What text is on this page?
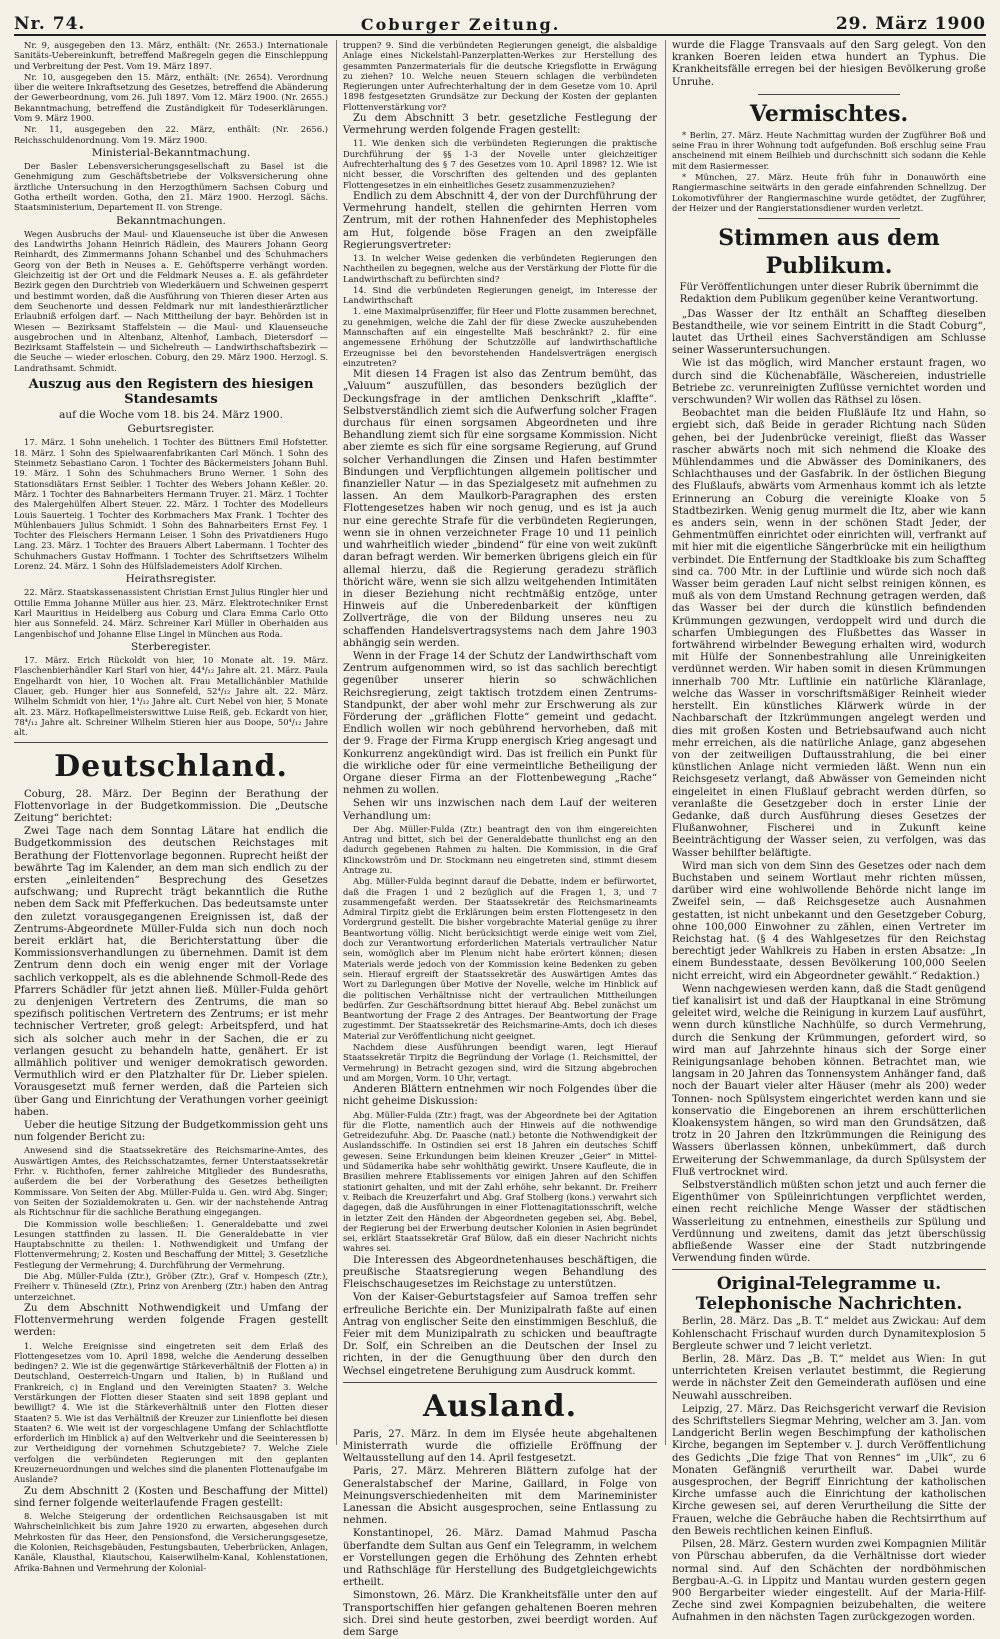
Nr. 74.	Coburger Zeitung.	29. März 1900

Nr. 9, ausgegeben den 13. März, enthält: (Nr. 2653.) Internationale Sanitäts-Uebereinkunft, betreffend Maßregeln gegen die Einschleppung und Verbreitung der Pest. Vom 19. März 1897.

Nr. 10, ausgegeben den 15. März, enthält: (Nr. 2654). Verordnung über die weitere Inkraftsetzung des Gesetzes, betreffend die Abänderung der Gewerbeordnung, vom 26. Juli 1897. Vom 12. März 1900. (Nr. 2655.) Bekanntmachung, betreffend die Zuständigkeit für Todeserklärungen. Vom 9. März 1900.

Nr. 11, ausgegeben den 22. März, enthält: (Nr. 2656.) Reichsschuldenordnung. Vom 19. März 1900.

Ministerial-Bekanntmachung.

Der Basler Lebensversicherungsgesellschaft zu Basel ist die Genehmigung zum Geschäftsbetriebe der Volksversicherung ohne ärztliche Untersuchung in den Herzogthümern Sachsen Coburg und Gotha ertheilt worden. Gotha, den 21. März 1900. Herzogl. Sächs. Staatsministerium, Departement II. von Strenge.

Bekanntmachungen.

Wegen Ausbruchs der Maul- und Klauenseuche ist über die Anwesen des Landwirths Johann Heinrich Rädlein, des Maurers Johann Georg Reinhardt, des Zimmermanns Johann Schanbel und des Schuhmachers Georg von der Beth in Neuses a. E. Gehöftsperre verhängt worden. Gleichzeitig ist der Ort und die Feldmark Neuses a. E. als gefährdeter Bezirk gegen den Durchtrieb von Wiederkäuern und Schweinen gesperrt und bestimmt worden, daß die Ausführung von Thieren dieser Arten aus dem Seuchenorte und dessen Feldmark nur mit landesthierärztlicher Erlaubniß erfolgen darf. — Nach Mittheilung der bayr. Behörden ist in Wiesen — Bezirksamt Staffelstein — die Maul- und Klauenseuche ausgebrochen und in Altenbanz, Altenhof, Lambach, Dietersdorf — Bezirksamt Staffelstein — und Sichelreuth — Landwirthschaftsbezirk — die Seuche — wieder erloschen. Coburg, den 29. März 1900. Herzogl. S. Landrathsamt. Schmidt.

Auszug aus den Registern des hiesigen Standesamts
auf die Woche vom 18. bis 24. März 1900.
Geburtsregister.

17. März. 1 Sohn unehelich. 1 Tochter des Büttners Emil Hofstetter. 18. März. 1 Sohn des Spielwaarenfabrikanten Carl Mönch. 1 Sohn des Steinmetz Sebastiano Caron. 1 Tochter des Bäckermeisters Johann Buhl. 19. März. 1 Sohn des Schuhmachers Bruno Werner. 1 Sohn des Stationsdiätars Ernst Seibler. 1 Tochter des Webers Johann Keßler. 20. März. 1 Tochter des Bahnarbeiters Hermann Truyer. 21. März. 1 Tochter des Malergehülfen Albert Steuer. 22. März. 1 Tochter des Modelleurs Louis Sauerteig. 1 Tochter des Korbmachers Max Frank. 1 Tochter des Mühlenbauers Julius Schmidt. 1 Sohn des Bahnarbeiters Ernst Fey. 1 Tochter des Fleischers Hermann Leiser. 1 Sohn des Privatdieners Hugo Lang. 23. März. 1 Tochter des Brauers Albert Labermann. 1 Tochter des Schuhmachers Gustav Hoffmann. 1 Tochter des Schriftsetzers Wilhelm Lorenz. 24. März. 1 Sohn des Hülfslademeisters Adolf Kirchen.

Heirathsregister.

22. März. Staatskassenassistent Christian Ernst Julius Ringler hier und Ottilie Emma Johanne Müller aus hier. 23. März. Elektrotechniker Ernst Karl Mauritius in Heidelberg aus Coburg und Clara Emma Carlo Otto hier aus Sonnefeld. 24. März. Schreiner Karl Müller in Oberhaiden aus Langenbischof und Johanne Elise Lingel in München aus Roda.

Sterberegister.

17. März. Erich Rückoldt von hier, 10 Monate alt. 19. März. Flaschenbierhändler Karl Starl von hier, 44⁴/₁₂ Jahre alt. 21. März. Paula Engelhardt von hier, 10 Wochen alt. Frau Metallichänbler Mathilde Clauer, geb. Hunger hier aus Sonnefeld, 52⁴/₁₂ Jahre alt. 22. März. Wilhelm Schmidt von hier, 1⁴/₁₂ Jahre alt. Curt Nebel von hier, 5 Monate alt. 23. März. Hofkapellmeisterswittwe Luise Reiß, geb. Eckardt von hier, 78⁴/₁₂ Jahre alt. Schreiner Wilhelm Stieren hier aus Doope, 50⁴/₁₂ Jahre alt.

Deutschland.

Coburg, 28. März. Der Beginn der Berathung der Flottenvorlage in der Budgetkommission. Die „Deutsche Zeitung“ berichtet:

Zwei Tage nach dem Sonntag Lätare hat endlich die Budgetkommission des deutschen Reichstages mit Berathung der Flottenvorlage begonnen. Ruprecht heißt der bewährte Tag im Kalender, an dem man sich endlich zu der ersten „einleitenden“ Besprechung des Gesetzes aufschwang; und Ruprecht trägt bekanntlich die Ruthe neben dem Sack mit Pfefferkuchen. Das bedeutsamste unter den zuletzt vorausgegangenen Ereignissen ist, daß der Zentrums-Abgeordnete Müller-Fulda sich nun doch noch bereit erklärt hat, die Berichterstattung über die Kommissionsverhandlungen zu übernehmen. Damit ist dem Zentrum denn doch ein wenig enger mit der Vorlage sachlich verkoppelt, als es die ablehnende Schmoll-Rede des Pfarrers Schädler für jetzt ahnen ließ. Müller-Fulda gehört zu denjenigen Vertretern des Zentrums, die man so spezifisch politischen Vertretern des Zentrums; er ist mehr technischer Vertreter, groß gelegt: Arbeitspferd, und hat sich als solcher auch mehr in der Sachen, die er zu verlangen gesucht zu behandeln hatte, genähert. Er ist allmählich politiver und weniger demokratisch geworden. Vermuthlich wird er den Platzhalter für Dr. Lieber spielen. Vorausgesetzt muß ferner werden, daß die Parteien sich über Gang und Einrichtung der Verathungen vorher geeinigt haben.

Ueber die heutige Sitzung der Budgetkommission geht uns nun folgender Bericht zu:

Anwesend sind die Staatssekretäre des Reichsmarine-Amtes, des Auswärtigen Amtes, des Reichsschatzamtes, ferner Unterstaatssekretär Frhr. v. Richthofen, ferner zahlreiche Mitglieder des Bundesraths, außerdem die bei der Vorberathung des Gesetzes betheiligten Kommissare. Von Seiten der Abg. Müller-Fulda u. Gen. wird Abg. Singer; von Seiten der Sozialdemokraten u. Gen. wir der nachstehende Antrag als Richtschnur für die sachliche Berathung eingegangen.

Die Kommission wolle beschließen: 1. Generaldebatte und zwei Lesungen stattfinden zu lassen. II. Die Generaldebatte in vier Hauptabschnitte zu theilen: 1. Nothwendigkeit und Umfang der Flottenvermehrung; 2. Kosten und Beschaffung der Mittel; 3. Gesetzliche Festlegung der Vermehrung; 4. Durchführung der Vermehrung.

Die Abg. Müller-Fulda (Ztr.), Gröber (Ztr.), Graf v. Hompesch (Ztr.), Freiherr v. Thüneseld (Ztr.), Prinz von Arenberg (Ztr.) haben den Antrag unterzeichnet.

Zu dem Abschnitt Nothwendigkeit und Umfang der Flottenvermehrung werden folgende Fragen gestellt werden:

1. Welche Ereignisse sind eingetreten seit dem Erlaß des Flottengesetzes vom 10. April 1898, welche die Aenderung desselben bedingen? 2. Wie ist die gegenwärtige Stärkeverhältniß der Flotten a) in Deutschland, Oesterreich-Ungarn und Italien, b) in Rußland und Frankreich, c) in England und den Vereinigten Staaten? 3. Welche Verstärkungen der Flotten dieser Staaten sind seit 1898 geplant und bewilligt? 4. Wie ist die Stärkeverhältniß unter den Flotten dieser Staaten? 5. Wie ist das Verhältniß der Kreuzer zur Linienflotte bei diesen Staaten? 6. Wie weit ist der vorgeschlagene Umfang der Schlachtflotte erforderlich im Hinblick a) auf den Weltverkehr und die Seeinteressen b) zur Vertheidigung der vornehmen Schutzgebiete? 7. Welche Ziele verfolgen die verbündeten Regierungen mit den geplanten Kreuzerneuordnungen und welches sind die planenten Flottenaufgabe im Auslande?

Zu dem Abschnitt 2 (Kosten und Beschaffung der Mittel) sind ferner folgende weiterlaufende Fragen gestellt:

8. Welche Steigerung der ordentlichen Reichsausgaben ist mit Wahrscheinlichkeit bis zum Jahre 1920 zu erwarten, abgesehen durch Mehrkosten für das Heer, den Pensionsfond, die Versicherungsgesetze, die Kolonien, Reichsgebäuden, Festungsbauten, Ueberbrücken, Anlagen, Kanäle, Klausthal, Kiautschou, Kaiserwilhelm-Kanal, Kohlenstationen, Afrika-Bahnen und Vermehrung der Kolonial-

truppen? 9. Sind die verbündeten Regierungen geneigt, die alsbaldige Anlage eines Nickelstahl-Panzerplatten-Werkes zur Herstellung des gesammten Panzermaterials für die deutsche Kriegsflotte in Erwägung zu ziehen? 10. Welche neuen Steuern schlagen die verbündeten Regierungen unter Aufrechterhaltung der in dem Gesetze vom 10. April 1898 festgesetzten Grundsätze zur Deckung der Kosten der geplanten Flottenverstärkung vor?

Zu dem Abschnitt 3 betr. gesetzliche Festlegung der Vermehrung werden folgende Fragen gestellt:

11. Wie denken sich die verbündeten Regierungen die praktische Durchführung der §§ 1-3 der Novelle unter gleichzeitiger Aufrechterhaltung des § 7 des Gesetzes vom 10. April 1898? 12. Wie ist nicht besser, die Vorschriften des geltenden und des geplanten Flottengesetzes in ein einheitliches Gesetz zusammenzuziehen?

Endlich zu dem Abschnitt 4, der von der Durchführung der Vermehrung handelt, stellen die gehirnten Herren vom Zentrum, mit der rothen Hahnenfeder des Mephistopheles am Hut, folgende böse Fragen an den zweipfälle Regierungsvertreter:

13. In welcher Weise gedenken die verbündeten Regierungen den Nachtheilen zu begegnen, welche aus der Verstärkung der Flotte für die Landwirthschaft zu befürchten sind?

14. Sind die verbündeten Regierungen geneigt, im Interesse der Landwirthschaft

1. eine Maximalprüsenziffer, für Heer und Flotte zusammen berechnet, zu genehmigen, welche die Zahl der für diese Zwecke auszuhebenden Mannschaften auf ein eingestellte Maß beschränkt? 2. für eine angemessene Erhöhung der Schutzzölle auf landwirthschaftliche Erzeugnisse bei den bevorstehenden Handelsverträgen energisch einzutreten?

Mit diesen 14 Fragen ist also das Zentrum bemüht, das „Valuum“ auszufüllen, das besonders bezüglich der Deckungsfrage in der amtlichen Denkschrift „klaffte“. Selbstverständlich ziemt sich die Aufwerfung solcher Fragen durchaus für einen sorgsamen Abgeordneten und ihre Behandlung ziemt sich für eine sorgsame Kommission. Nicht aber ziemte es sich für eine sorgsame Regierung, auf Grund solcher Verhandlungen die Zinsen und Hafen bestimmter Bindungen und Verpflichtungen allgemein politischer und finanzieller Natur — in das Spezialgesetz mit aufnehmen zu lassen. An dem Maulkorb-Paragraphen des ersten Flottengesetzes haben wir noch genug, und es ist ja auch nur eine gerechte Strafe für die verbündeten Regierungen, wenn sie in ohnen verzeichneter Frage 10 und 11 peinlich und wahrheitlich wieder „bindend“ für eine von weit zukünft daran befragt werden. Wir bemerken übrigens gleich ein für allemal hierzu, daß die Regierung geradezu sträflich thöricht wäre, wenn sie sich allzu weitgehenden Intimitäten in dieser Beziehung nicht rechtmäßig entzöge, unter Hinweis auf die Unberedenbarkeit der künftigen Zollverträge, die von der Bildung unseres neu zu schaffenden Handelsvertragsystems nach dem Jahre 1903 abhängig sein werden.

Wenn in der Frage 14 der Schutz der Landwirthschaft vom Zentrum aufgenommen wird, so ist das sachlich berechtigt gegenüber unserer hierin so schwächlichen Reichsregierung, zeigt taktisch trotzdem einen Zentrums-Standpunkt, der aber wohl mehr zur Erschwerung als zur Förderung der „gräflichen Flotte“ gemeint und gedacht. Endlich wollen wir noch gebührend hervorheben, daß mit der 9. Frage der Firma Krupp energisch Krieg angesagt und Konkurrenz angekündigt wird. Das ist freilich ein Punkt für die wirkliche oder für eine vermeintliche Betheiligung der Organe dieser Firma an der Flottenbewegung „Rache“ nehmen zu wollen.

Sehen wir uns inzwischen nach dem Lauf der weiteren Verhandlung um:

Der Abg. Müller-Fulda (Ztr.) beantragt den von ihm eingereichten Antrag und bittet, sich bei der Generaldebatte thunlichst eng an den dadurch gegebenen Rahmen zu halten. Die Kommission, in die Graf Klinckowström und Dr. Stockmann neu eingetreten sind, stimmt diesem Antrage zu.

Abg. Müller-Fulda beginnt darauf die Debatte, indem er befürwortet, daß die Fragen 1 und 2 bezüglich auf die Fragen 1, 3, und 7 zusammengefaßt werden. Der Staatssekretär des Reichsmarineamts Admiral Tirpitz giebt die Erklärungen beim ersten Flottengesetz in den Vordergrund gestellt. Die bisher vorgebrachte Material genüge zu ihrer Beantwortung völlig. Nicht berücksichtigt werde einige weit vom Ziel, doch zur Verantwortung erforderlichen Materials vertraulicher Natur sein, womöglich aber im Plenum nicht habe erörtert können; diesen Materials werde jedoch von der Kommission keine Bedenken zu geben sein. Hierauf ergreift der Staatssekretär des Auswärtigen Amtes das Wort zu Darlegungen über Motive der Novelle, welche im Hinblick auf die politischen Verhältnisse nicht der vertraulichen Mittheilungen bedürfen. Zur Geschäftsordnung bittet hierauf Abg. Bebel zunächst um Beantwortung der Frage 2 des Antrages. Der Beantwortung der Frage zugestimmt. Der Staatssekretär des Reichsmarine-Amts, doch ich dieses Material zur Veröffentlichung nicht geeignet.

Nachdem diese Ausführungen beendigt waren, legt Hierauf Staatssekretär Tirpitz die Begründung der Vorlage (1. Reichsmittel, der Vermehrung) in Betracht gezogen sind, wird die Sitzung abgebrochen und am Morgen, Vorm. 10 Uhr, vertagt.

Anderen Blättern entnehmen wir noch Folgendes über die nicht geheime Diskussion:

Abg. Müller-Fulda (Ztr.) fragt, was der Abgeordnete bei der Agitation für die Flotte, namentlich auch der Hinweis auf die nothwendige Getreidezufuhr. Abg. Dr. Paasche (natl.) betonte die Nothwendigkeit der Auslandsschiffe. In Ostindien sei erst 18 Jahren ein deutsches Schiff gewesen. Seine Erkundungen beim kleinen Kreuzer „Geier“ in Mittel- und Südamerika habe sehr wohlthätig gewirkt. Unsere Kaufleute, die in Brasilien mehrere Etablissements vor einigen Jahren auf den Schiffen stationirt gehalten, und mit der Zahl erhöhe, sehr bekannt. Dr. Freiherr v. Reibach die Kreuzerfahrt und Abg. Graf Stolberg (kons.) verwahrt sich dagegen, daß die Ausführungen in einer Flottenagitationsschrift, welche in letzter Zeit den Händen der Abgeordneten gegeben sei, Abg. Bebel, der Regierung bei der Erwerbung deutscher Kolonien in Asien begründet sei, erklärt Staatssekretär Graf Bülow, daß ein dieser Nachricht nichts wahres sei.

Die Interessen des Abgeordnetenhauses beschäftigen, die preußische Staatsregierung wegen Behandlung des Fleischschaugesetzes im Reichstage zu unterstützen.

Von der Kaiser-Geburtstagsfeier auf Samoa treffen sehr erfreuliche Berichte ein. Der Munizipalrath faßte auf einen Antrag von englischer Seite den einstimmigen Beschluß, die Feier mit dem Munizipalrath zu schicken und beauftragte Dr. Solf, ein Schreiben an die Deutschen der Insel zu richten, in der die Genugthuung über den durch den Wechsel eingetretene Beruhigung zum Ausdruck kommt.

Ausland.

Paris, 27. März. In dem im Elysée heute abgehaltenen Ministerrath wurde die offizielle Eröffnung der Weltausstellung auf den 14. April festgesetzt.

Paris, 27. März. Mehreren Blättern zufolge hat der Generalstabschef der Marine, Gaillard, in Folge von Meinungsverschiedenheiten mit dem Marineminister Lanessan die Absicht ausgesprochen, seine Entlassung zu nehmen.

Konstantinopel, 26. März. Damad Mahmud Pascha überfandte dem Sultan aus Genf ein Telegramm, in welchem er Vorstellungen gegen die Erhöhung des Zehnten erhebt und Rathschläge für Herstellung des Budgetgleichgewichts ertheilt.

Simonstown, 26. März. Die Krankheitsfälle unter den auf Transportschiffen hier gefangen gehaltenen Boeren mehren sich. Drei sind heute gestorben, zwei beerdigt worden. Auf dem Sarge

wurde die Flagge Transvaals auf den Sarg gelegt. Von den kranken Boeren leiden etwa hundert an Typhus. Die Krankheitsfälle erregen bei der hiesigen Bevölkerung große Unruhe.

Vermischtes.

* Berlin, 27. März. Heute Nachmittag wurden der Zugführer Boß und seine Frau in ihrer Wohnung todt aufgefunden. Boß erschlug seine Frau anscheinend mit einem Beilhieb und durchschnitt sich sodann die Kehle mit dem Rasiermesser.

* München, 27. März. Heute früh fuhr in Donauwörth eine Rangiermaschine seitwärts in den gerade einfahrenden Schnellzug. Der Lokomotivführer der Rangiermaschine wurde getödtet, der Zugführer, der Heizer und der Rangierstationsdiener wurden verletzt.

Stimmen aus dem Publikum.
Für Veröffentlichungen unter dieser Rubrik übernimmt die Redaktion dem Publikum gegenüber keine Verantwortung.

„Das Wasser der Itz enthält an Schaffteg dieselben Bestandtheile, wie vor seinem Eintritt in die Stadt Coburg“, lautet das Urtheil eines Sachverständigen am Schlusse seiner Wasseruntersuchungen.

Wie ist das möglich, wird Mancher erstaunt fragen, wo durch sind die Küchenabfälle, Wäschereien, industrielle Betriebe zc. verunreinigten Zuflüsse vernichtet worden und verschwunden? Wir wollen das Räthsel zu lösen.

Beobachtet man die beiden Flußläufe Itz und Hahn, so ergiebt sich, daß Beide in gerader Richtung nach Süden gehen, bei der Judenbrücke vereinigt, fließt das Wasser rascher abwärts noch mit sich nehmend die Kloake des Mühlendammes und die Abwässer des Dominikaners, des Schlachthauses und der Gasfabrik. In der östlichen Biegung des Flußlaufs, abwärts vom Armenhaus kommt ich als letzte Erinnerung an Coburg die vereinigte Kloake von 5 Stadtbezirken. Wenig genug murmelt die Itz, aber wie kann es anders sein, wenn in der schönen Stadt Jeder, der Gehmentmüffen einrichtet oder einrichten will, verfrankt auf mit hier mit die eigentliche Sängerbrücke mit ein heiligthum verbindet. Die Entfernung der Stadtkloake bis zum Schaffteg sind ca. 700 Mtr. in der Luftlinie und würde sich noch daß Wasser beim geraden Lauf nicht selbst reinigen können, es muß als von dem Umstand Rechnung getragen werden, daß das Wasser bei der durch die künstlich befindenden Krümmungen gezwungen, verdoppelt wird und durch die scharfen Umbiegungen des Flußbettes das Wasser in fortwährend wirbelnder Bewegung erhalten wird, wodurch mit Hülfe der Sonnenbestrahlung alle Unreinigkeiten verdünnet werden. Wir haben somit in diesen Krümmungen innerhalb 700 Mtr. Luftlinie ein natürliche Kläranlage, welche das Wasser in vorschriftsmäßiger Reinheit wieder herstellt. Ein künstliches Klärwerk würde in der Nachbarschaft der Itzkrümmungen angelegt werden und dies mit großen Kosten und Betriebsaufwand auch nicht mehr erreichen, als die natürliche Anlage, ganz abgesehen von der zeitweiligen Duftausstrahlung, die bei einer künstlichen Anlage nicht vermieden läßt. Wenn nun ein Reichsgesetz verlangt, daß Abwässer von Gemeinden nicht eingeleitet in einen Flußlauf gebracht werden dürfen, so veranlaßte die Gesetzgeber doch in erster Linie der Gedanke, daß durch Ausführung dieses Gesetzes der Flußanwohner, Fischerei und in Zukunft keine Beeinträchtigung der Wasser seien, zu verfolgen, was das Wasser behilfter beläftigte.

Wird man sich von dem Sinn des Gesetzes oder nach dem Buchstaben und seinem Wortlaut mehr richten müssen, darüber wird eine wohlwollende Behörde nicht lange im Zweifel sein, — daß Reichsgesetze auch Ausnahmen gestatten, ist nicht unbekannt und den Gesetzgeber Coburg, ohne 100,000 Einwohner zu zählen, einen Vertreter im Reichstag hat. (§ 4 des Wahlgesetzes für den Reichstag berechtigt jeder Wahlkreis zu Haben in ersten Absatze: „In einem Bundesstaate, dessen Bevölkerung 100,000 Seelen nicht erreicht, wird ein Abgeordneter gewählt.“ Redaktion.)

Wenn nachgewiesen werden kann, daß die Stadt genügend tief kanalisirt ist und daß der Hauptkanal in eine Strömung geleitet wird, welche die Reinigung in kurzem Lauf ausführt, wenn durch künstliche Nachhülfe, so durch Vermehrung, durch die Senkung der Krümmungen, gefordert wird, so wird man auf Jahrzehnte hinaus sich der Sorge einer Reinigungsanlage behoben können. Betrachtet man, wie langsam in 20 Jahren das Tonnensystem Anhänger fand, daß noch der Bauart vieler alter Häuser (mehr als 200) weder Tonnen- noch Spülsystem eingerichtet werden kann und sie konservatio die Eingeborenen an ihrem erschütterlichen Kloakensystem hängen, so wird man den Grundsätzen, daß trotz in 20 Jahren den Itzkrümmungen die Reinigung des Wassers überlassen können, unbekümmert, daß durch Erweiterung der Schwemmanlage, da durch Spülsystem der Fluß vertrocknet wird.

Selbstverständlich müßten schon jetzt und auch ferner die Eigenthümer von Spüleinrichtungen verpflichtet werden, einen recht reichliche Menge Wasser der städtischen Wasserleitung zu entnehmen, einestheils zur Spülung und Verdünnung und zweitens, damit das jetzt überschüssig abfließende Wasser eine der Stadt nutzbringende Verwendung finden würde.

Original-Telegramme u. Telephonische Nachrichten.

Berlin, 28. März. Das „B. T.“ meldet aus Zwickau: Auf dem Kohlenschacht Frischauf wurden durch Dynamitexplosion 5 Bergleute schwer und 7 leicht verletzt.

Berlin, 28. März. Das „B. T.“ meldet aus Wien: In gut unterrichteten Kreisen verlautet bestimmt, die Regierung werde in nächster Zeit den Gemeinderath auflösen und eine Neuwahl ausschreiben.

Leipzig, 27. März. Das Reichsgericht verwarf die Revision des Schriftstellers Siegmar Mehring, welcher am 3. Jan. vom Landgericht Berlin wegen Beschimpfung der katholischen Kirche, begangen im September v. J. durch Veröffentlichung des Gedichts „Die fzige That von Rennes“ im „Ulk“, zu 6 Monaten Gefängniß verurtheilt war. Dabei wurde ausgesprochen, der Begriff Einrichtung der katholischen Kirche umfasse auch die Einrichtung der katholischen Kirche gewesen sei, auf deren Verurtheilung die Sitte der Frauen, welche die Gebräuche haben die Rechtsirrthum auf den Beweis rechtlichen keinen Einfluß.

Pilsen, 28. März. Gestern wurden zwei Kompagnien Militär von Pürschau abberufen, da die Verhältnisse dort wieder normal sind. Auf den Schächten der nordböhmischen Bergbau-A.-G. in Lippitz und Mantau wurden gestern gegen 900 Bergarbeiter wieder eingestellt. Auf der Maria-Hilf-Zeche sind zwei Kompagnien beizubehalten, die weitere Aufnahmen in den nächsten Tagen zurückgezogen worden.
